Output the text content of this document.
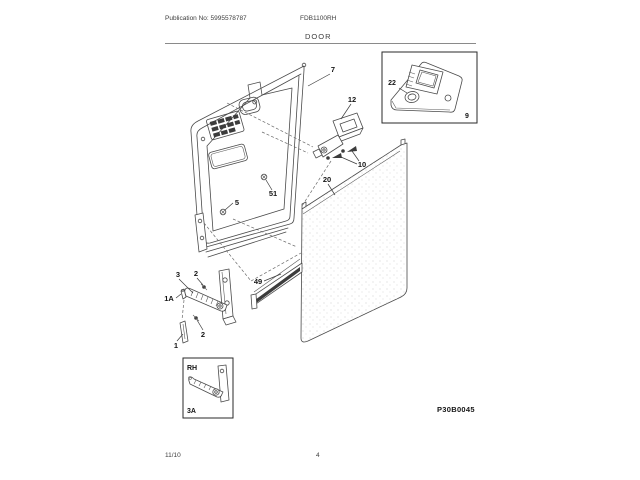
Publication No: 5995578787	FDB1100RH
DOOR
7
12
10
20
51
5
3 2
1A
1
2
49
22
9
RH
3A	P30B0045
11/10	4
